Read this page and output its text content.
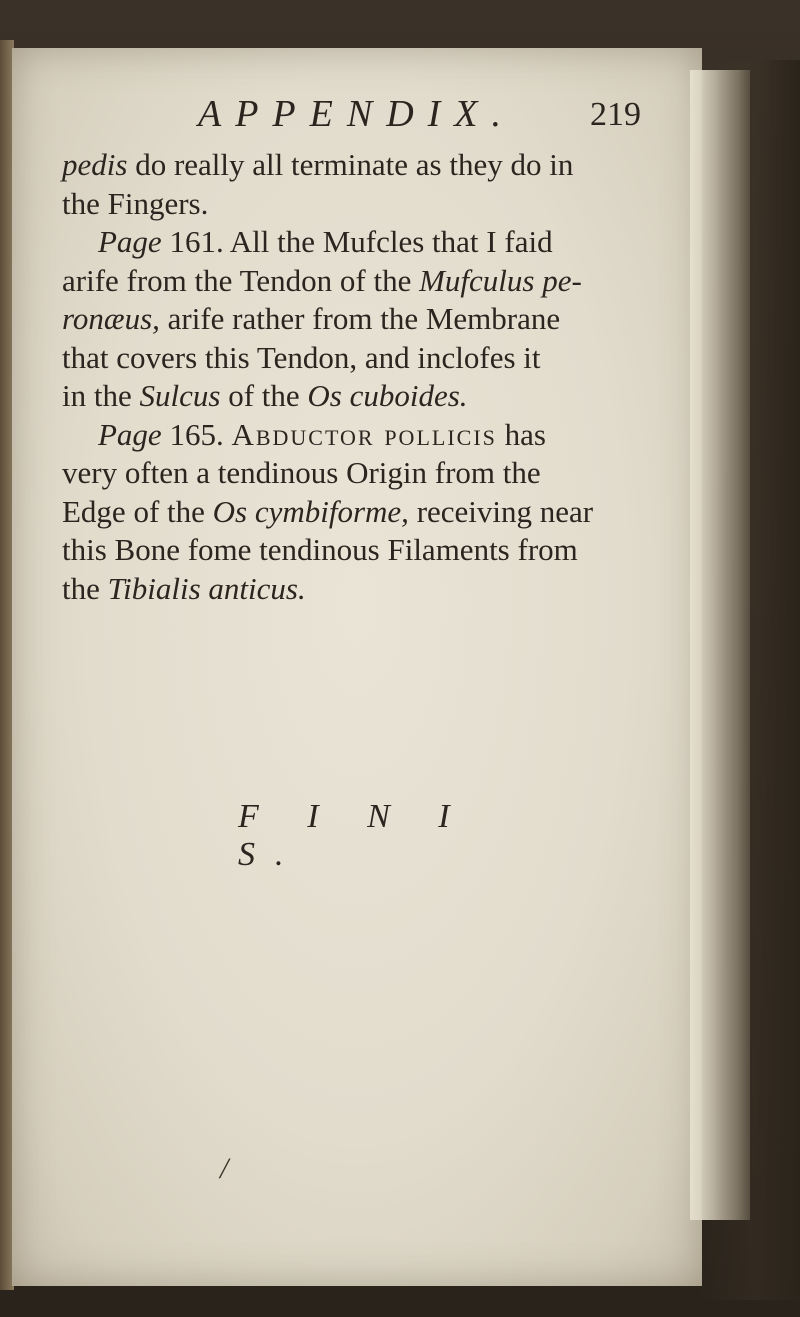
APPENDIX. 219
pedis do really all terminate as they do in
the Fingers.
Page 161. All the Mufcles that I faid
arife from the Tendon of the Mufculus pe-
ronæus, arife rather from the Membrane
that covers this Tendon, and inclofes it
in the Sulcus of the Os cuboides.
Page 165. Abductor pollicis has
very often a tendinous Origin from the
Edge of the Os cymbiforme, receiving near
this Bone fome tendinous Filaments from
the Tibialis anticus.
F I N I S.
/
